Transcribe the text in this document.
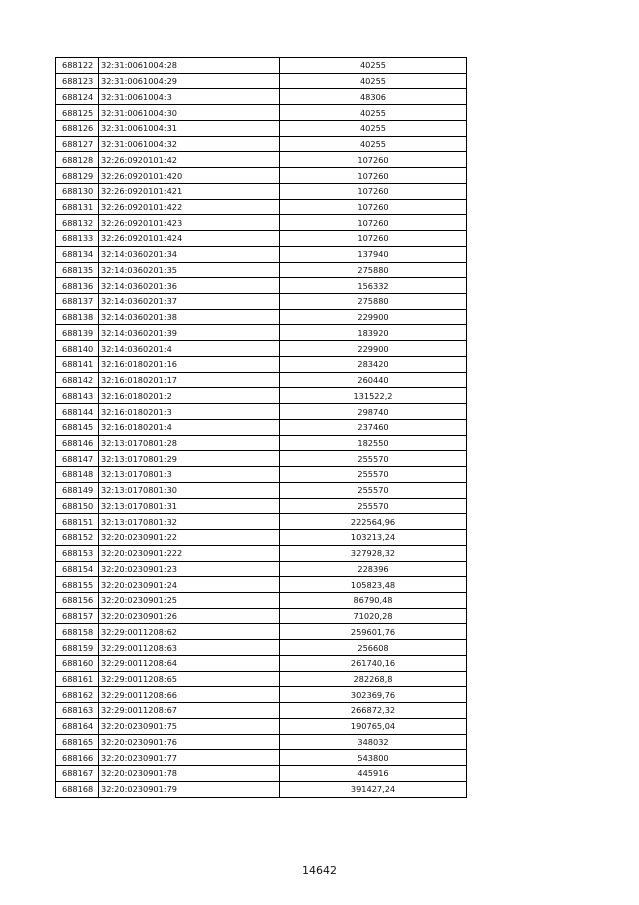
688122	32:31:0061004:28	40255
688123	32:31:0061004:29	40255
688124	32:31:0061004:3	48306
688125	32:31:0061004:30	40255
688126	32:31:0061004:31	40255
688127	32:31:0061004:32	40255
688128	32:26:0920101:42	107260
688129	32:26:0920101:420	107260
688130	32:26:0920101:421	107260
688131	32:26:0920101:422	107260
688132	32:26:0920101:423	107260
688133	32:26:0920101:424	107260
688134	32:14:0360201:34	137940
688135	32:14:0360201:35	275880
688136	32:14:0360201:36	156332
688137	32:14:0360201:37	275880
688138	32:14:0360201:38	229900
688139	32:14:0360201:39	183920
688140	32:14:0360201:4	229900
688141	32:16:0180201:16	283420
688142	32:16:0180201:17	260440
688143	32:16:0180201:2	131522,2
688144	32:16:0180201:3	298740
688145	32:16:0180201:4	237460
688146	32:13:0170801:28	182550
688147	32:13:0170801:29	255570
688148	32:13:0170801:3	255570
688149	32:13:0170801:30	255570
688150	32:13:0170801:31	255570
688151	32:13:0170801:32	222564,96
688152	32:20:0230901:22	103213,24
688153	32:20:0230901:222	327928,32
688154	32:20:0230901:23	228396
688155	32:20:0230901:24	105823,48
688156	32:20:0230901:25	86790,48
688157	32:20:0230901:26	71020,28
688158	32:29:0011208:62	259601,76
688159	32:29:0011208:63	256608
688160	32:29:0011208:64	261740,16
688161	32:29:0011208:65	282268,8
688162	32:29:0011208:66	302369,76
688163	32:29:0011208:67	266872,32
688164	32:20:0230901:75	190765,04
688165	32:20:0230901:76	348032
688166	32:20:0230901:77	543800
688167	32:20:0230901:78	445916
688168	32:20:0230901:79	391427,24
14642
